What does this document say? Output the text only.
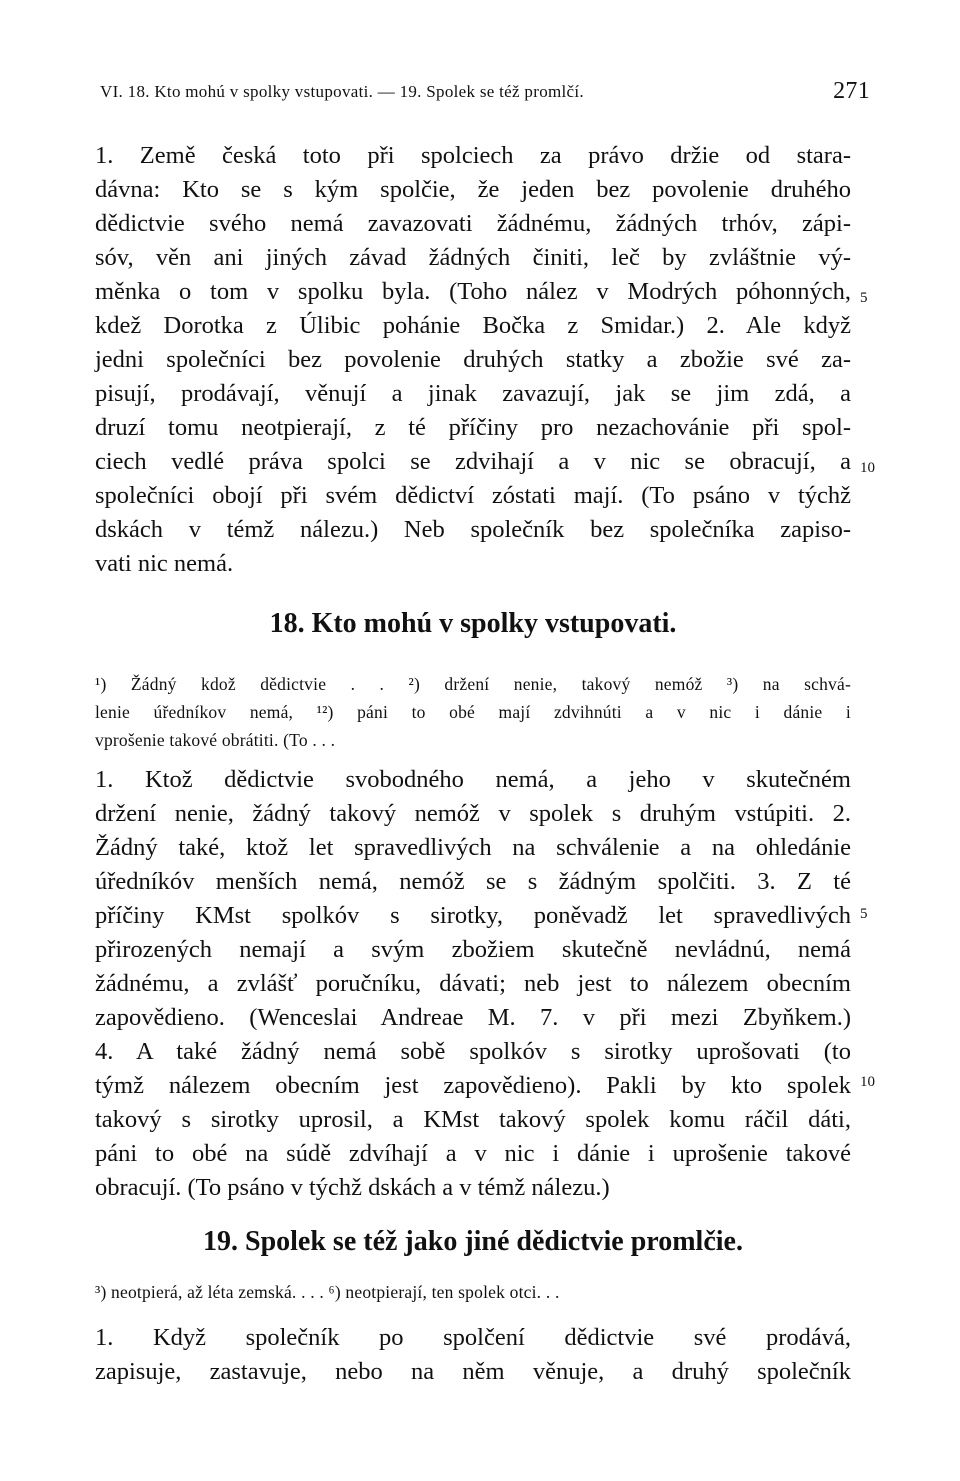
VI. 18. Kto mohú v spolky vstupovati. — 19. Spolek se též promlčí.	271
1. Země česká toto při spolciech za právo držie od stara-
dávna: Kto se s kým spolčie, že jeden bez povolenie druhého
dědictvie svého nemá zavazovati žádnému, žádných trhóv, zápi-
sóv, věn ani jiných závad žádných činiti, leč by zvláštnie vý-
měnka o tom v spolku byla. (Toho nález v Modrých póhonných,
kdež Dorotka z Úlibic pohánie Bočka z Smidar.) 2. Ale když
jedni společníci bez povolenie druhých statky a zbožie své za-
pisují, prodávají, věnují a jinak zavazují, jak se jim zdá, a
druzí tomu neotpierají, z té příčiny pro nezachovánie při spol-
ciech vedlé práva spolci se zdvihají a v nic se obracují, a
společníci obojí při svém dědictví zóstati mají. (To psáno v týchž
dskách v témž nálezu.) Neb společník bez společníka zapiso-
vati nic nemá.
5
10
18. Kto mohú v spolky vstupovati.
¹) Žádný kdož dědictvie . . ²) držení nenie, takový nemóž ³) na schvá-
lenie úředníkov nemá, ¹²) páni to obé mají zdvihnúti a v nic i dánie i
vprošenie takové obrátiti. (To . . .
1. Ktož dědictvie svobodného nemá, a jeho v skutečném
držení nenie, žádný takový nemóž v spolek s druhým vstúpiti. 2.
Žádný také, ktož let spravedlivých na schválenie a na ohledánie
úředníkóv menších nemá, nemóž se s žádným spolčiti. 3. Z té
příčiny KMst spolkóv s sirotky, poněvadž let spravedlivých
přirozených nemají a svým zbožiem skutečně nevládnú, nemá
žádnému, a zvlášť poručníku, dávati; neb jest to nálezem obecním
zapovědieno. (Wenceslai Andreae M. 7. v při mezi Zbyňkem.)
4. A také žádný nemá sobě spolkóv s sirotky uprošovati (to
týmž nálezem obecním jest zapovědieno). Pakli by kto spolek
takový s sirotky uprosil, a KMst takový spolek komu ráčil dáti,
páni to obé na súdě zdvíhají a v nic i dánie i uprošenie takové
obracují. (To psáno v týchž dskách a v témž nálezu.)
5
10
19. Spolek se též jako jiné dědictvie promlčie.
³) neotpierá, až léta zemská. . . . ⁶) neotpierají, ten spolek otci. . .
1. Když společník po spolčení dědictvie své prodává,
zapisuje, zastavuje, nebo na něm věnuje, a druhý společník
